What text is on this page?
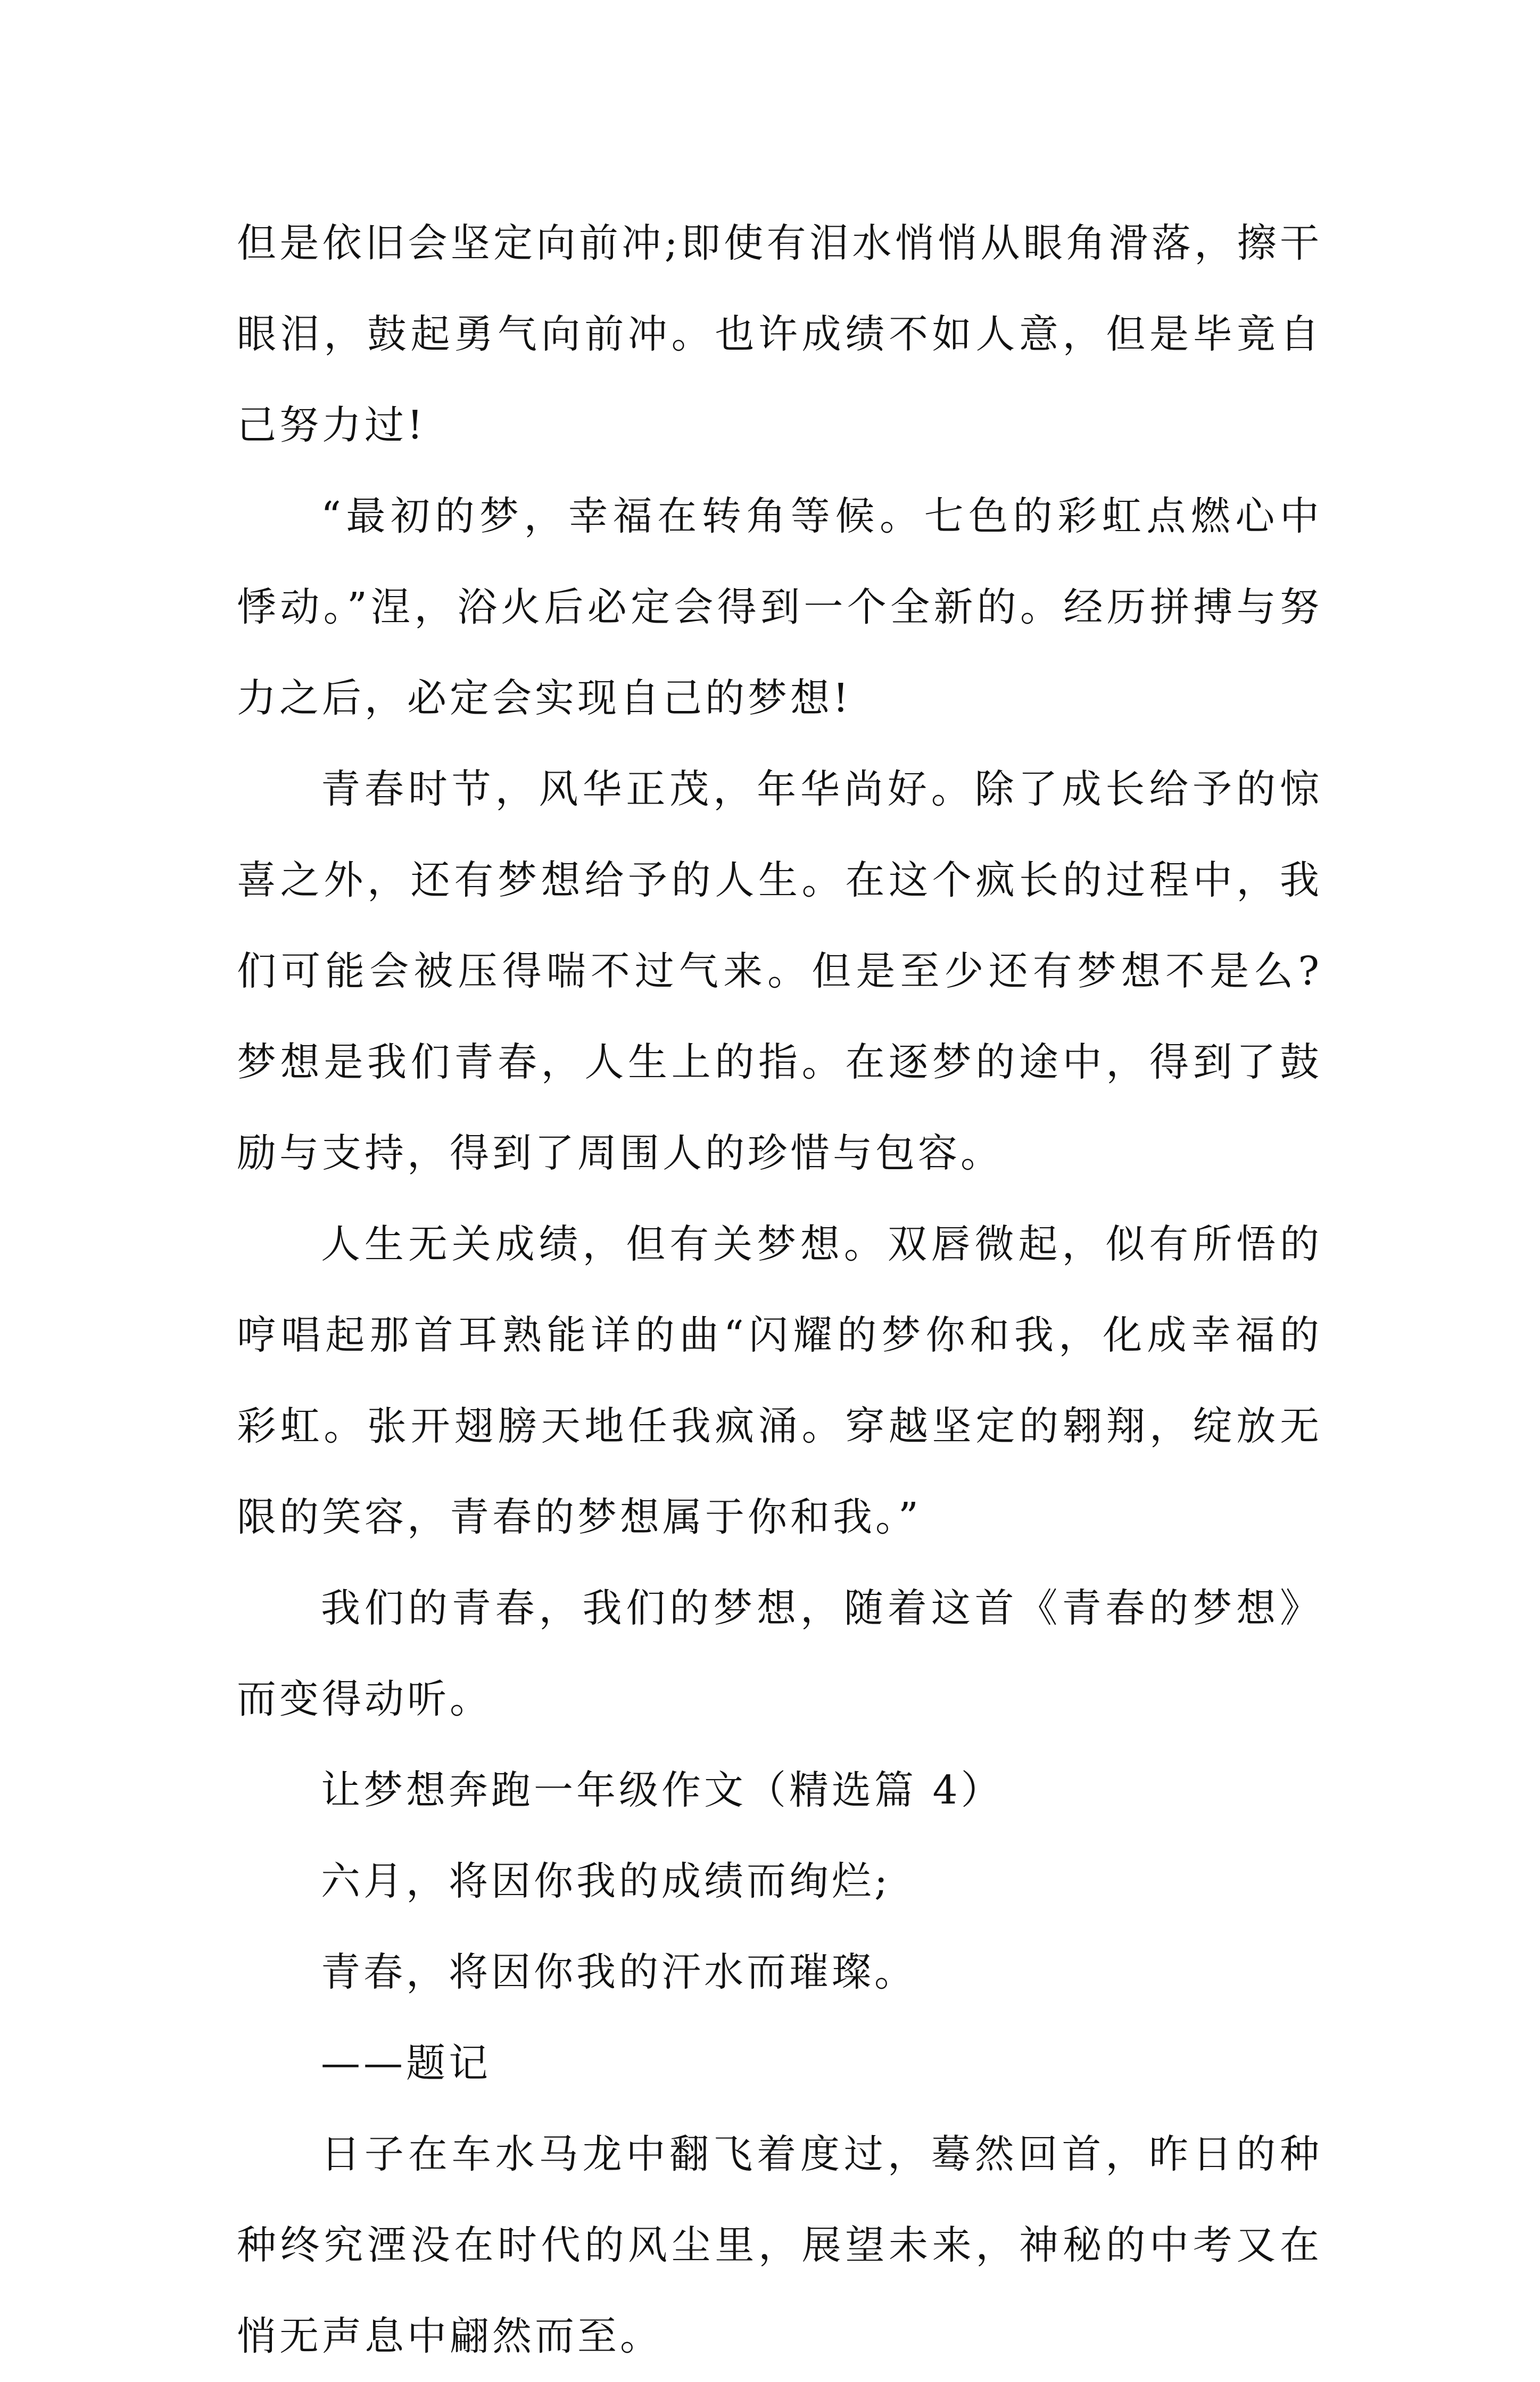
但是依旧会坚定向前冲;即使有泪水悄悄从眼角滑落，擦干眼泪，鼓起勇气向前冲。也许成绩不如人意，但是毕竟自己努力过!

“最初的梦，幸福在转角等候。七色的彩虹点燃心中悸动。”涅，浴火后必定会得到一个全新的。经历拼搏与努力之后，必定会实现自己的梦想!

青春时节，风华正茂，年华尚好。除了成长给予的惊喜之外，还有梦想给予的人生。在这个疯长的过程中，我们可能会被压得喘不过气来。但是至少还有梦想不是么?梦想是我们青春，人生上的指。在逐梦的途中，得到了鼓励与支持，得到了周围人的珍惜与包容。

人生无关成绩，但有关梦想。双唇微起，似有所悟的哼唱起那首耳熟能详的曲“闪耀的梦你和我，化成幸福的彩虹。张开翅膀天地任我疯涌。穿越坚定的翱翔，绽放无限的笑容，青春的梦想属于你和我。”

我们的青春，我们的梦想，随着这首《青春的梦想》而变得动听。

让梦想奔跑一年级作文（精选篇 4）

六月，将因你我的成绩而绚烂;

青春，将因你我的汗水而璀璨。

——题记

日子在车水马龙中翻飞着度过，蓦然回首，昨日的种种终究湮没在时代的风尘里，展望未来，神秘的中考又在悄无声息中翩然而至。
